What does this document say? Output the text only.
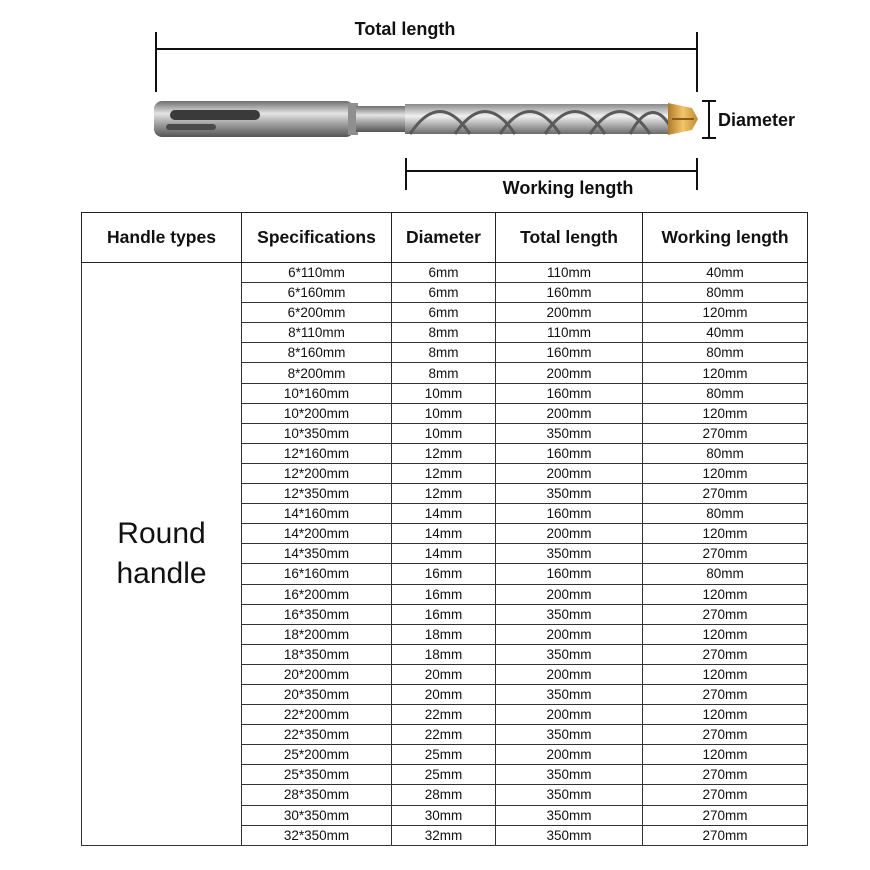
Total length
Diameter
Working length
Handle types	Specifications	Diameter	Total length	Working length
Round handle	6*110mm	6mm	110mm	40mm
	6*160mm	6mm	160mm	80mm
	6*200mm	6mm	200mm	120mm
	8*110mm	8mm	110mm	40mm
	8*160mm	8mm	160mm	80mm
	8*200mm	8mm	200mm	120mm
	10*160mm	10mm	160mm	80mm
	10*200mm	10mm	200mm	120mm
	10*350mm	10mm	350mm	270mm
	12*160mm	12mm	160mm	80mm
	12*200mm	12mm	200mm	120mm
	12*350mm	12mm	350mm	270mm
	14*160mm	14mm	160mm	80mm
	14*200mm	14mm	200mm	120mm
	14*350mm	14mm	350mm	270mm
	16*160mm	16mm	160mm	80mm
	16*200mm	16mm	200mm	120mm
	16*350mm	16mm	350mm	270mm
	18*200mm	18mm	200mm	120mm
	18*350mm	18mm	350mm	270mm
	20*200mm	20mm	200mm	120mm
	20*350mm	20mm	350mm	270mm
	22*200mm	22mm	200mm	120mm
	22*350mm	22mm	350mm	270mm
	25*200mm	25mm	200mm	120mm
	25*350mm	25mm	350mm	270mm
	28*350mm	28mm	350mm	270mm
	30*350mm	30mm	350mm	270mm
	32*350mm	32mm	350mm	270mm
